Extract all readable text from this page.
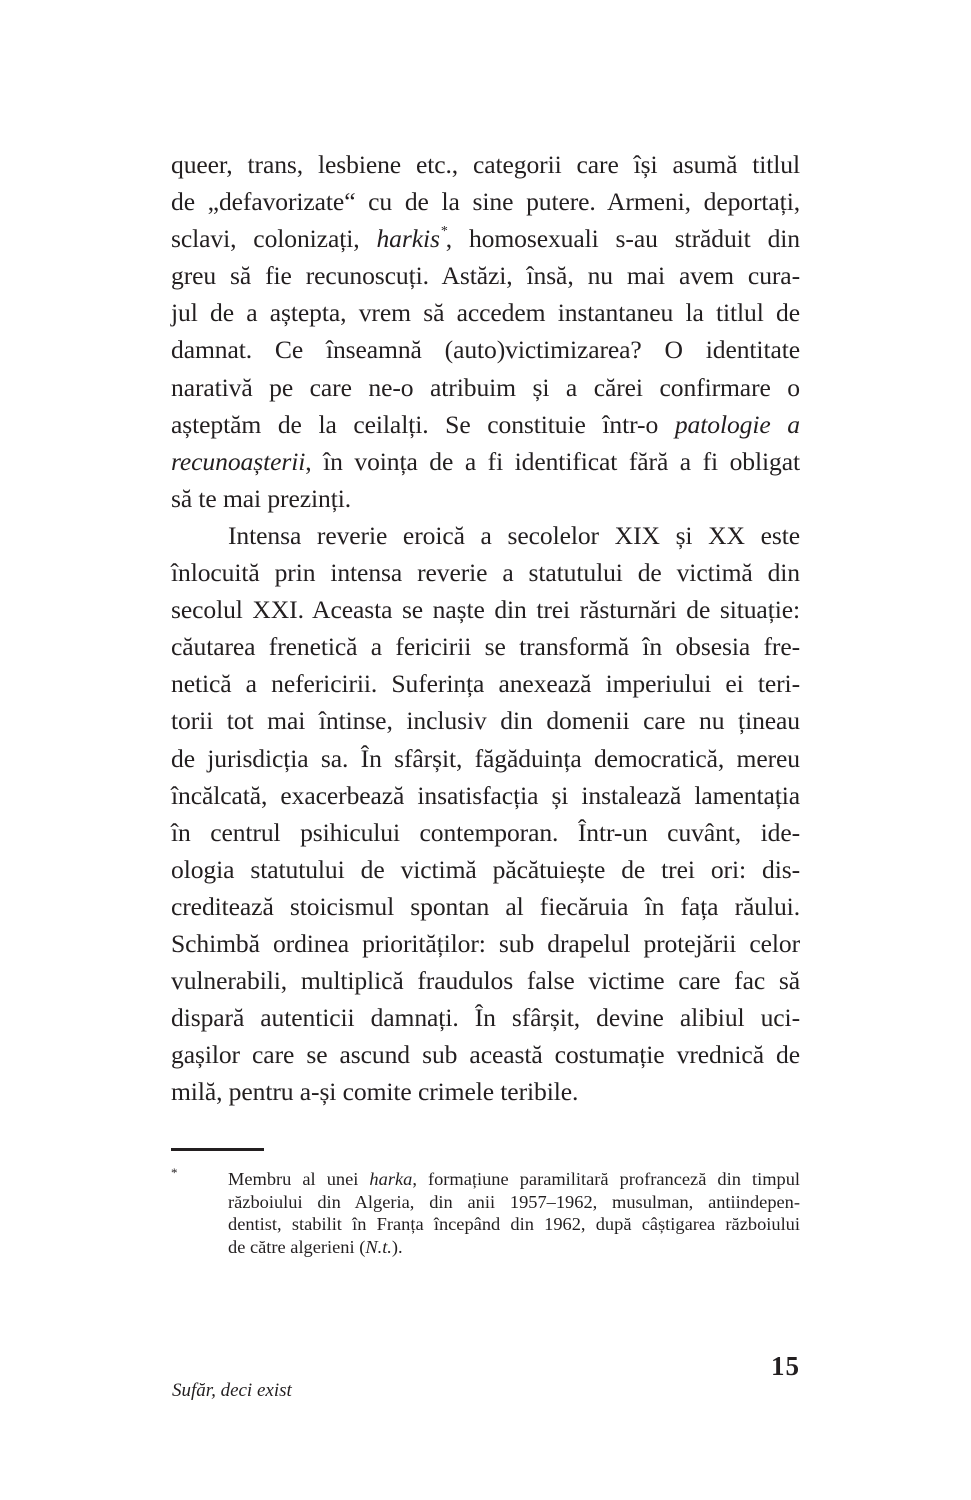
queer, trans, lesbiene etc., categorii care își asumă titlul
de „defavorizate“ cu de la sine putere. Armeni, deportați,
sclavi, colonizați, harkis*, homosexuali s-au străduit din
greu să fie recunoscuți. Astăzi, însă, nu mai avem cura-
jul de a aștepta, vrem să accedem instantaneu la titlul de
damnat. Ce înseamnă (auto)victimizarea? O identitate
narativă pe care ne-o atribuim și a cărei confirmare o
așteptăm de la ceilalți. Se constituie într-o patologie a
recunoașterii, în voința de a fi identificat fără a fi obligat
să te mai prezinți.
Intensa reverie eroică a secolelor XIX și XX este
înlocuită prin intensa reverie a statutului de victimă din
secolul XXI. Aceasta se naște din trei răsturnări de situație:
căutarea frenetică a fericirii se transformă în obsesia fre-
netică a nefericirii. Suferința anexează imperiului ei teri-
torii tot mai întinse, inclusiv din domenii care nu țineau
de jurisdicția sa. În sfârșit, făgăduința democratică, mereu
încălcată, exacerbează insatisfacția și instalează lamentația
în centrul psihicului contemporan. Într-un cuvânt, ide-
ologia statutului de victimă păcătuiește de trei ori: dis-
creditează stoicismul spontan al fiecăruia în fața răului.
Schimbă ordinea priorităților: sub drapelul protejării celor
vulnerabili, multiplică fraudulos false victime care fac să
dispară autenticii damnați. În sfârșit, devine alibiul uci-
gașilor care se ascund sub această costumație vrednică de
milă, pentru a-și comite crimele teribile.
*	Membru al unei harka, formațiune paramilitară profranceză din timpul
războiului din Algeria, din anii 1957–1962, musulman, antiindepen-
dentist, stabilit în Franța începând din 1962, după câștigarea războiului
de către algerieni (N.t.).
15
Sufăr, deci exist
